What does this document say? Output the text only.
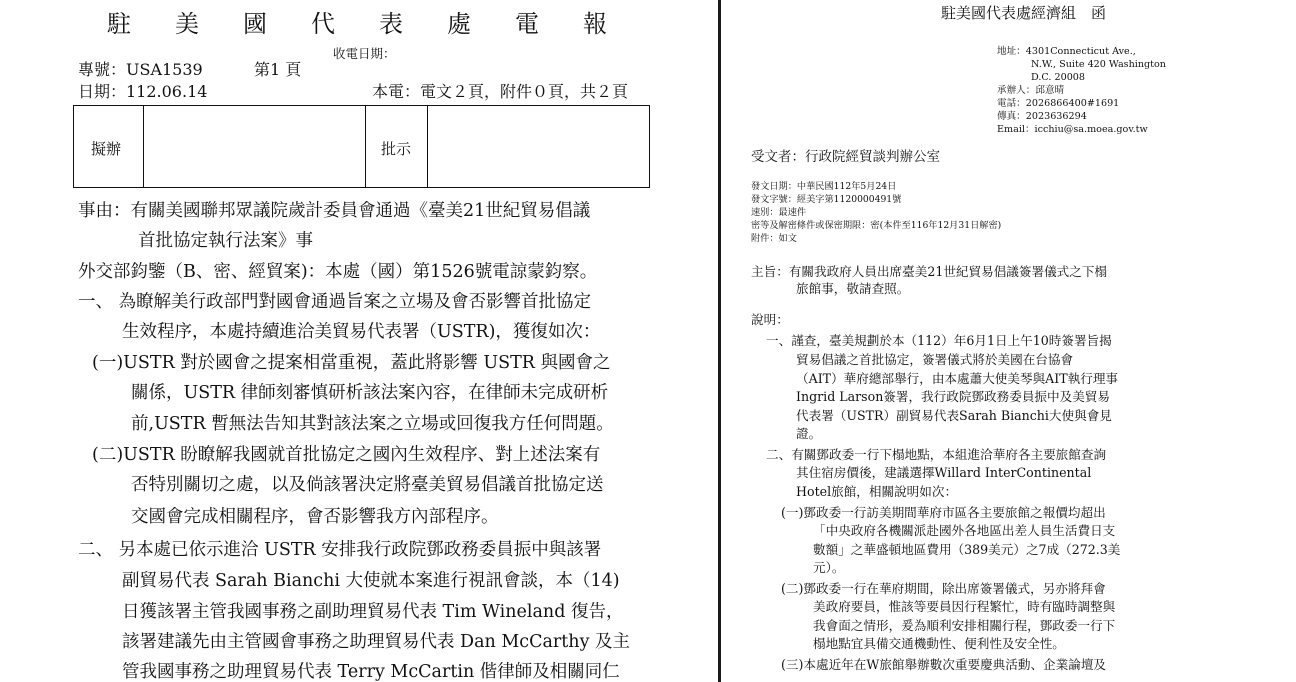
駐美國代表處電報
專號：USA1539	第1 頁
收電日期：
日期：112.06.14	本電：電文２頁，附件０頁，共２頁
擬辦	批示
事由：有關美國聯邦眾議院歲計委員會通過《臺美21世紀貿易倡議
首批協定執行法案》事
外交部鈞鑒（B、密、經貿案)：本處（國）第1526號電諒蒙鈞察。
一、 為瞭解美行政部門對國會通過旨案之立場及會否影響首批協定
生效程序，本處持續進洽美貿易代表署（USTR)，獲復如次：
(一)USTR 對於國會之提案相當重視，蓋此將影響 USTR 與國會之
關係，USTR 律師刻審慎研析該法案內容，在律師未完成研析
前,USTR 暫無法告知其對該法案之立場或回復我方任何問題。
(二)USTR 盼瞭解我國就首批協定之國內生效程序、對上述法案有
否特別關切之處，以及倘該署決定將臺美貿易倡議首批協定送
交國會完成相關程序，會否影響我方內部程序。
二、 另本處已依示進洽 USTR 安排我行政院鄧政務委員振中與該署
副貿易代表 Sarah Bianchi 大使就本案進行視訊會談，本（14)
日獲該署主管我國事務之副助理貿易代表 Tim Wineland 復告，
該署建議先由主管國會事務之助理貿易代表 Dan McCarthy 及主
管我國事務之助理貿易代表 Terry McCartin 偕律師及相關同仁
駐美國代表處經濟組　函
地址：4301Connecticut Ave.,
N.W., Suite 420 Washington
D.C. 20008
承辦人：邱意晴
電話：2026866400#1691
傳真：2023636294
Email：icchiu@sa.moea.gov.tw
受文者：行政院經貿談判辦公室
發文日期：中華民國112年5月24日
發文字號：經美字第1120000491號
速別：最速件
密等及解密條件或保密期限：密(本件至116年12月31日解密)
附件：如文
主旨：有關我政府人員出席臺美21世紀貿易倡議簽署儀式之下榻
旅館事，敬請查照。
說明：
一、謹查，臺美規劃於本（112）年6月1日上午10時簽署旨揭
貿易倡議之首批協定，簽署儀式將於美國在台協會
（AIT）華府總部舉行，由本處蕭大使美琴與AIT執行理事
Ingrid Larson簽署，我行政院鄧政務委員振中及美貿易
代表署（USTR）副貿易代表Sarah Bianchi大使與會見
證。
二、有關鄧政委一行下榻地點，本組進洽華府各主要旅館查詢
其住宿房價後，建議選擇Willard InterContinental
Hotel旅館，相關說明如次：
(一)鄧政委一行訪美期間華府市區各主要旅館之報價均超出
「中央政府各機關派赴國外各地區出差人員生活費日支
數額」之華盛頓地區費用（389美元）之7成（272.3美
元）。
(二)鄧政委一行在華府期間，除出席簽署儀式，另亦將拜會
美政府要員，惟該等要員因行程繁忙，時有臨時調整與
我會面之情形，爰為順利安排相關行程，鄧政委一行下
榻地點宜具備交通機動性、便利性及安全性。
(三)本處近年在W旅館舉辦數次重要慶典活動、企業論壇及
